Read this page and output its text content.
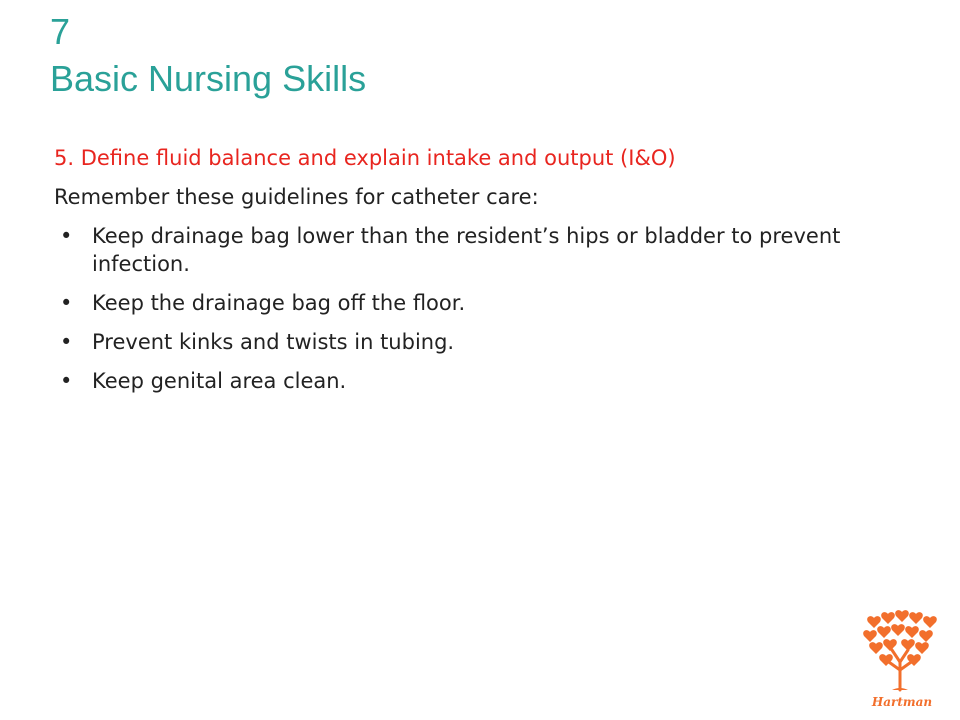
7
Basic Nursing Skills
5. Define fluid balance and explain intake and output (I&O)
Remember these guidelines for catheter care:
• Keep drainage bag lower than the resident’s hips or bladder to prevent infection.
• Keep the drainage bag off the floor.
• Prevent kinks and twists in tubing.
• Keep genital area clean.
Hartman
